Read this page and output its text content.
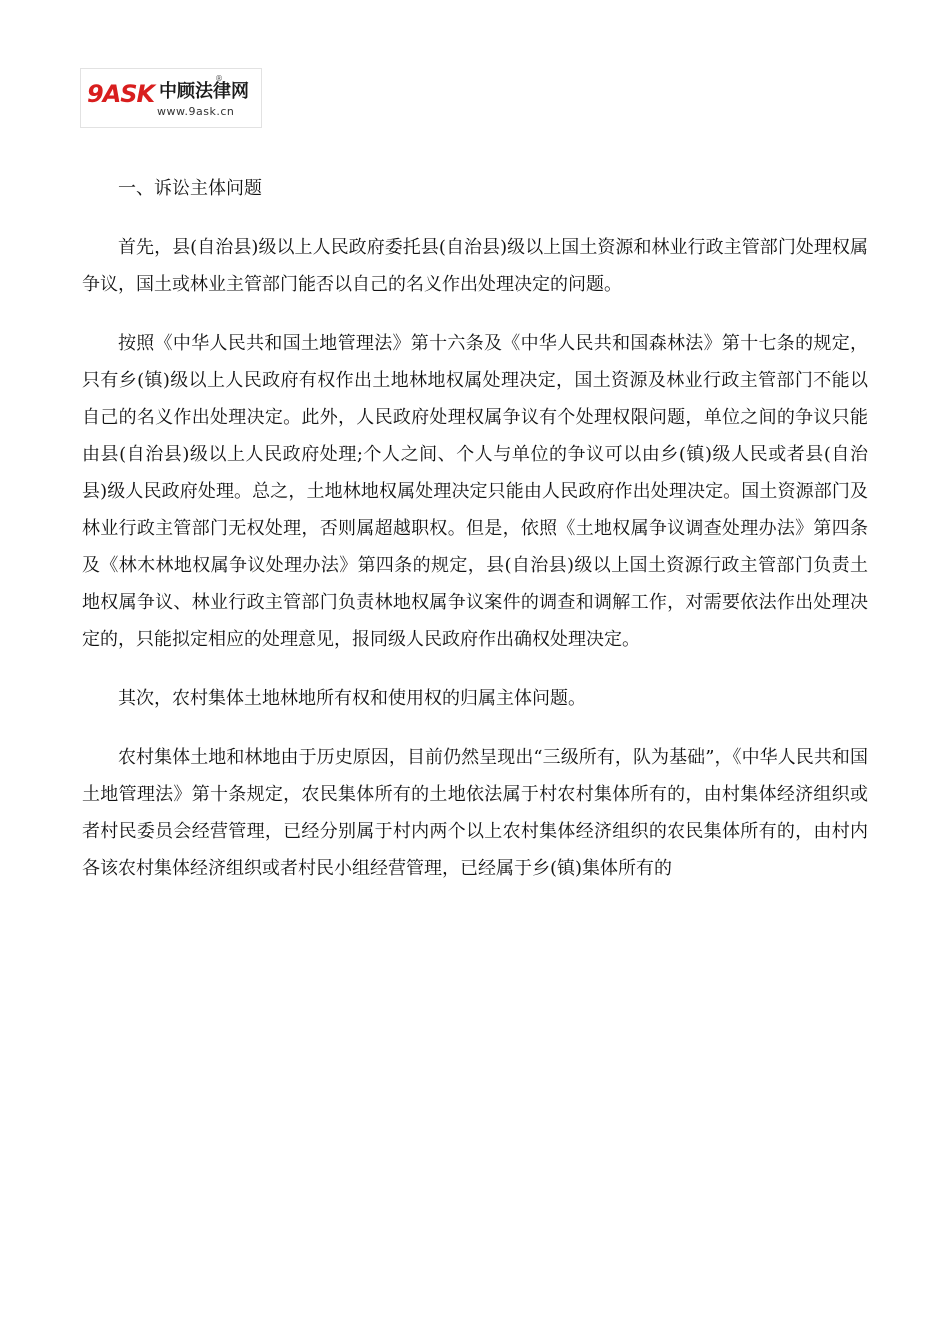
9ASK 中顾法律网
®
www.9ask.cn

一、诉讼主体问题

首先，县(自治县)级以上人民政府委托县(自治县)级以上国土资源和林业行政主管部门处理权属争议，国土或林业主管部门能否以自己的名义作出处理决定的问题。

按照《中华人民共和国土地管理法》第十六条及《中华人民共和国森林法》第十七条的规定，只有乡(镇)级以上人民政府有权作出土地林地权属处理决定，国土资源及林业行政主管部门不能以自己的名义作出处理决定。此外，人民政府处理权属争议有个处理权限问题，单位之间的争议只能由县(自治县)级以上人民政府处理;个人之间、个人与单位的争议可以由乡(镇)级人民或者县(自治县)级人民政府处理。总之，土地林地权属处理决定只能由人民政府作出处理决定。国土资源部门及林业行政主管部门无权处理，否则属超越职权。但是，依照《土地权属争议调查处理办法》第四条及《林木林地权属争议处理办法》第四条的规定，县(自治县)级以上国土资源行政主管部门负责土地权属争议、林业行政主管部门负责林地权属争议案件的调查和调解工作，对需要依法作出处理决定的，只能拟定相应的处理意见，报同级人民政府作出确权处理决定。

其次，农村集体土地林地所有权和使用权的归属主体问题。

农村集体土地和林地由于历史原因，目前仍然呈现出“三级所有，队为基础”，《中华人民共和国土地管理法》第十条规定，农民集体所有的土地依法属于村农村集体所有的，由村集体经济组织或者村民委员会经营管理，已经分别属于村内两个以上农村集体经济组织的农民集体所有的，由村内各该农村集体经济组织或者村民小组经营管理，已经属于乡(镇)集体所有的
